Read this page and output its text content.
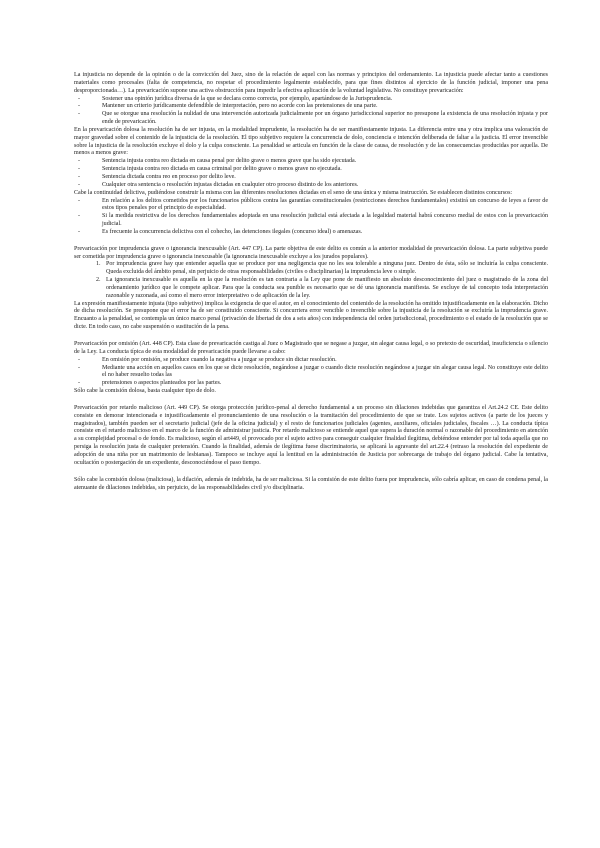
La injusticia no depende de la opinión o de la convicción del Juez, sino de la relación de aquel con las normas y principios del ordenamiento. La injusticia puede afectar tanto a cuestiones materiales como procesales (falta de competencia, no respetar el procedimiento legalmente establecido, para que fines distintos al ejercicio de la función judicial, imponer una pena desproporcionada…). La prevaricación supone una activa obstrucción para impedir la efectiva aplicación de la voluntad legislativa. No constituye prevaricación:

- Sostener una opinión jurídica diversa de la que se declara como correcta, por ejemplo, apartándose de la Jurisprudencia.
- Mantener un criterio jurídicamente defendible de interpretación, pero no acorde con las pretensiones de una parte.
- Que se otorgue una resolución la nulidad de una intervención autorizada judicialmente por un órgano jurisdiccional superior no presupone la existencia de una resolución injusta y por ende de prevaricación.

En la prevaricación dolosa la resolución ha de ser injusta, en la modalidad imprudente, la resolución ha de ser manifiestamente injusta. La diferencia entre una y otra implica una valoración de mayor gravedad sobre el contenido de la injusticia de la resolución. El tipo subjetivo requiere la concurrencia de dolo, conciencia e intención deliberada de faltar a la justicia. El error invencible sobre la injusticia de la resolución excluye el dolo y la culpa consciente. La penalidad se articula en función de la clase de causa, de resolución y de las consecuencias producidas por aquella. De menos a menos grave:

- Sentencia injusta contra reo dictada en causa penal por delito grave o menos grave que ha sido ejecutada.
- Sentencia injusta contra reo dictada en causa criminal por delito grave o menos grave no ejecutada.
- Sentencia dictada contra reo en proceso por delito leve.
- Cualquier otra sentencia o resolución injustas dictadas en cualquier otro proceso distinto de los anteriores.

Cabe la continuidad delictiva, pudiéndose construir la misma con las diferentes resoluciones dictadas en el seno de una única y misma instrucción. Se establecen distintos concursos:

- En relación a los delitos cometidos por los funcionarios públicos contra las garantías constitucionales (restricciones derechos fundamentales) existirá un concurso de leyes a favor de estos tipos penales por el principio de especialidad.
- Si la medida restrictiva de los derechos fundamentales adoptada en una resolución judicial está afectada a la legalidad material habrá concurso medial de estos con la prevaricación judicial.
- Es frecuente la concurrencia delictiva con el cohecho, las detenciones ilegales (concurso ideal) o amenazas.

Prevaricación por imprudencia grave o ignorancia inexcusable (Art. 447 CP). La parte objetiva de este delito es común a la anterior modalidad de prevaricación dolosa. La parte subjetiva puede ser cometida por imprudencia grave o ignorancia inexcusable (la ignorancia inexcusable excluye a los jurados populares).

1. Por imprudencia grave hay que entender aquella que se produce por una negligencia que no les sea tolerable a ninguna juez. Dentro de ésta, sólo se incluiría la culpa consciente. Queda excluida del ámbito penal, sin perjuicio de otras responsabilidades (civiles o disciplinarias) la imprudencia leve o simple.
2. La ignorancia inexcusable es aquella en la que la resolución es tan contraria a la Ley que pone de manifiesto un absoluto desconocimiento del juez o magistrado de la zona del ordenamiento jurídico que le compete aplicar. Para que la conducta sea punible es necesario que se dé una ignorancia manifiesta. Se excluye de tal concepto toda interpretación razonable y razonada, así como el mero error interpretativo o de aplicación de la ley.

La expresión manifiestamente injusta (tipo subjetivo) implica la exigencia de que el autor, en el conocimiento del contenido de la resolución ha omitido injustificadamente en la elaboración. Dicho de dicha resolución. Se presupone que el error ha de ser constituido consciente. Si concurriera error vencible o invencible sobre la injusticia de la resolución se excluiría la imprudencia grave. Encuanto a la penalidad, se contempla un único marco penal (privación de libertad de dos a seis años) con independencia del orden jurisdiccional, procedimiento o el estado de la resolución que se dicte. En todo caso, no cabe suspensión o sustitución de la pena.

Prevaricación por omisión (Art. 448 CP). Esta clase de prevaricación castiga al Juez o Magistrado que se negase a juzgar, sin alegar causa legal, o so pretexto de oscuridad, insuficiencia o silencio de la Ley. La conducta típica de esta modalidad de prevaricación puede llevarse a cabo:

- En omisión por omisión, se produce cuando la negativa a juzgar se produce sin dictar resolución.
- Mediante una acción en aquellos casos en los que se dicte resolución, negándose a juzgar o cuando dicte resolución negándose a juzgar sin alegar causa legal. No constituye este delito el no haber resuelto todas las
- pretensiones o aspectos planteados por las partes.

Sólo cabe la comisión dolosa, basta cualquier tipo de dolo.

Prevaricación por retardo malicioso (Art. 449 CP). Se otorga protección jurídico-penal al derecho fundamental a un proceso sin dilaciones indebidas que garantiza el Art.24.2 CE. Este delito consiste en demorar intencionada e injustificadamente el pronunciamiento de una resolución o la tramitación del procedimiento de que se trate. Los sujetos activos (a parte de los jueces y magistrados), también pueden ser el secretario judicial (jefe de la oficina judicial) y el resto de funcionarios judiciales (agentes, auxiliares, oficiales judiciales, fiscales …). La conducta típica consiste en el retardo malicioso en el marco de la función de administrar justicia. Por retardo malicioso se entiende aquel que supera la duración normal o razonable del procedimiento en atención a su complejidad procesal o de fondo. Es malicioso, según el art449, el provocado por el sujeto activo para conseguir cualquier finalidad ilegítima, debiéndose entender por tal toda aquella que no persiga la resolución justa de cualquier pretensión. Cuando la finalidad, además de ilegítima fuese discriminatoria, se aplicará la agravante del art.22.4 (retraso la resolución del expediente de adopción de una niña por un matrimonio de lesbianas). Tampoco se incluye aquí la lentitud en la administración de Justicia por sobrecarga de trabajo del órgano judicial. Cabe la tentativa, ocultación o postergación de un expediente, desconociéndose el paso tiempo.

Sólo cabe la comisión dolosa (maliciosa), la dilación, además de indebida, ha de ser maliciosa. Si la comisión de este delito fuera por imprudencia, sólo cabría aplicar, en caso de condena penal, la atenuante de dilaciones indebidas, sin perjuicio, de las responsabilidades civil y/o disciplinaria.
